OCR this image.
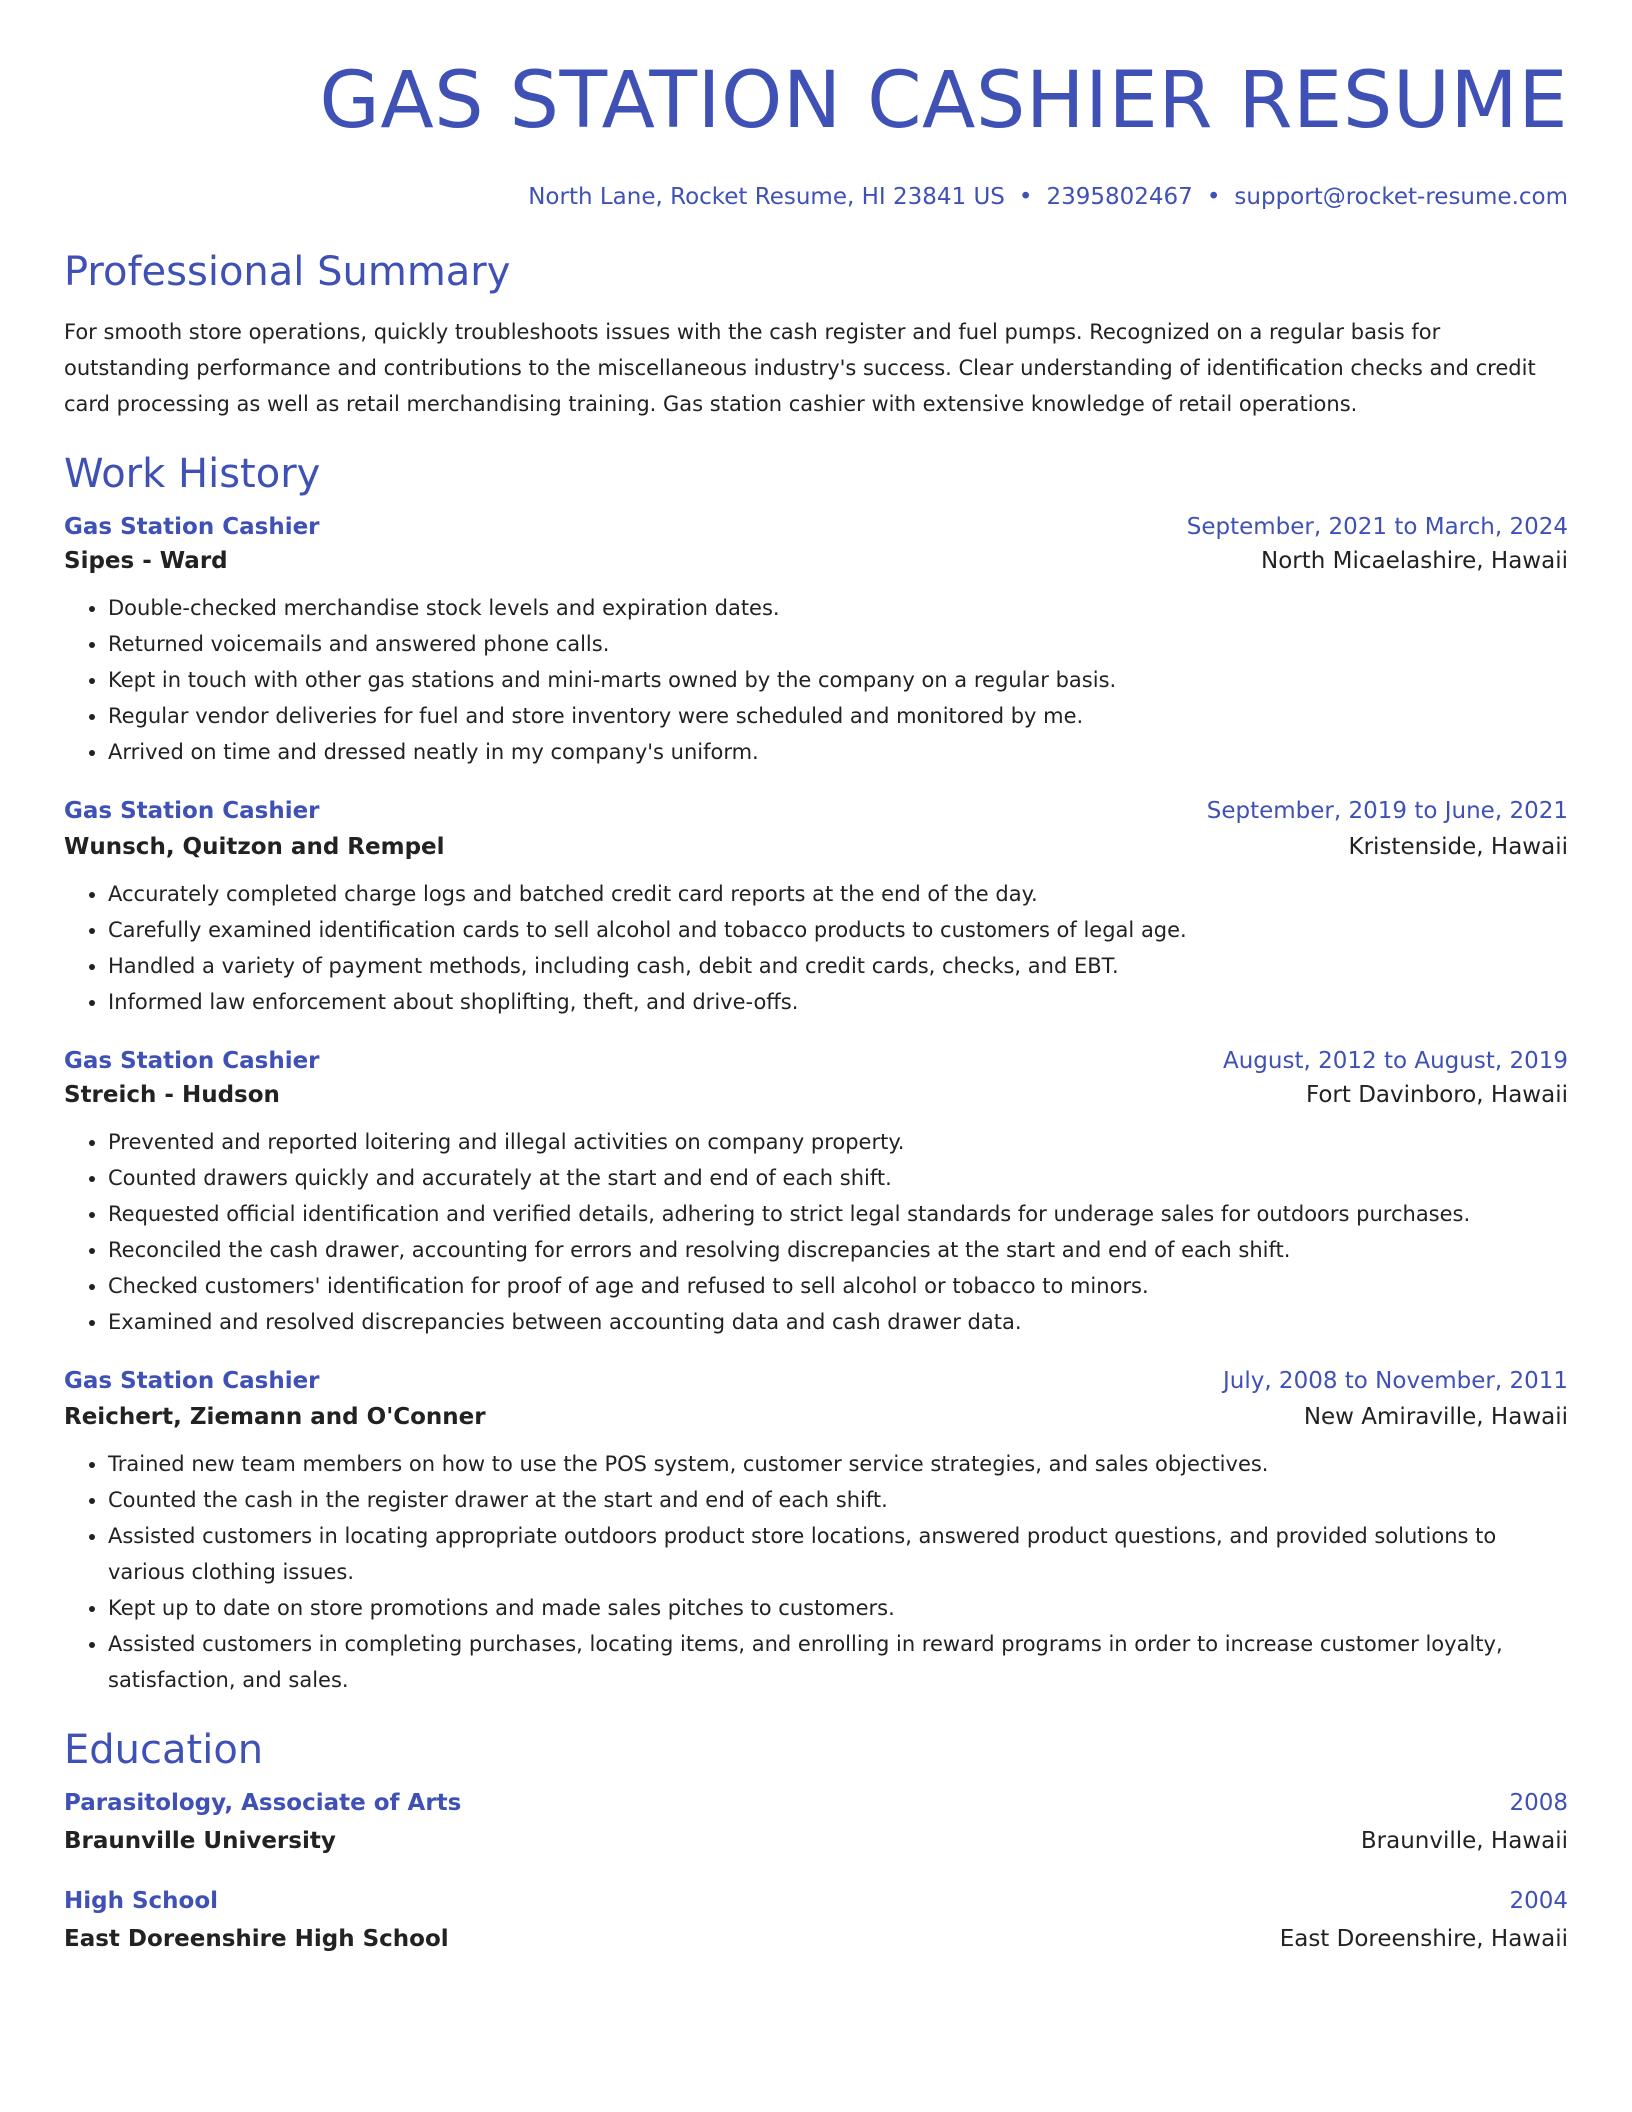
GAS STATION CASHIER RESUME
North Lane, Rocket Resume, HI 23841 US • 2395802467 • support@rocket-resume.com
Professional Summary
For smooth store operations, quickly troubleshoots issues with the cash register and fuel pumps. Recognized on a regular basis for outstanding performance and contributions to the miscellaneous industry's success. Clear understanding of identification checks and credit card processing as well as retail merchandising training. Gas station cashier with extensive knowledge of retail operations.
Work History
Gas Station Cashier	September, 2021 to March, 2024
Sipes - Ward	North Micaelashire, Hawaii
• Double-checked merchandise stock levels and expiration dates.
• Returned voicemails and answered phone calls.
• Kept in touch with other gas stations and mini-marts owned by the company on a regular basis.
• Regular vendor deliveries for fuel and store inventory were scheduled and monitored by me.
• Arrived on time and dressed neatly in my company's uniform.
Gas Station Cashier	September, 2019 to June, 2021
Wunsch, Quitzon and Rempel	Kristenside, Hawaii
• Accurately completed charge logs and batched credit card reports at the end of the day.
• Carefully examined identification cards to sell alcohol and tobacco products to customers of legal age.
• Handled a variety of payment methods, including cash, debit and credit cards, checks, and EBT.
• Informed law enforcement about shoplifting, theft, and drive-offs.
Gas Station Cashier	August, 2012 to August, 2019
Streich - Hudson	Fort Davinboro, Hawaii
• Prevented and reported loitering and illegal activities on company property.
• Counted drawers quickly and accurately at the start and end of each shift.
• Requested official identification and verified details, adhering to strict legal standards for underage sales for outdoors purchases.
• Reconciled the cash drawer, accounting for errors and resolving discrepancies at the start and end of each shift.
• Checked customers' identification for proof of age and refused to sell alcohol or tobacco to minors.
• Examined and resolved discrepancies between accounting data and cash drawer data.
Gas Station Cashier	July, 2008 to November, 2011
Reichert, Ziemann and O'Conner	New Amiraville, Hawaii
• Trained new team members on how to use the POS system, customer service strategies, and sales objectives.
• Counted the cash in the register drawer at the start and end of each shift.
• Assisted customers in locating appropriate outdoors product store locations, answered product questions, and provided solutions to various clothing issues.
• Kept up to date on store promotions and made sales pitches to customers.
• Assisted customers in completing purchases, locating items, and enrolling in reward programs in order to increase customer loyalty, satisfaction, and sales.
Education
Parasitology, Associate of Arts	2008
Braunville University	Braunville, Hawaii
High School	2004
East Doreenshire High School	East Doreenshire, Hawaii
